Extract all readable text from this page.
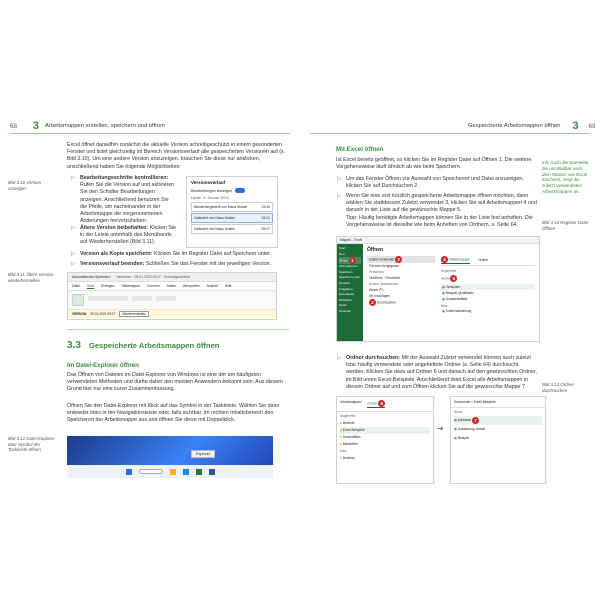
68 3 Arbeitsmappen erstellen, speichern und öffnen
Excel öffnet daraufhin zunächst die aktuelle Version schreibgeschützt in einem gesonderten Fenster und listet gleichzeitig im Bereich Versionsverlauf alle gespeicherten Versionen auf (s. Bild 3.10). Um eine andere Version anzuzeigen, brauchen Sie diese nur anklicken, anschließend haben Sie folgende Möglichkeiten:
Bild 3.10 Version anzeigen
▷ Bearbeitungsschritte kontrollieren: Rufen Sie die Version auf und aktivieren Sie den Schalter Bearbeitungen anzeigen. Anschließend benutzen Sie die Pfeile, um nacheinander in der Arbeitsmappe die vorgenommenen Änderungen hervorzuheben.
Versionsverlauf
Bearbeitungen anzeigen
Heute, 9. Januar 2023
Wiederhergestellt von Klaus Muster	15:39
Geändert von Klaus Muster	15:21
Geändert von Klaus Muster	09:57
▷ Ältere Version beibehalten: Klicken Sie in der Leiste unterhalb des Menübands auf Wiederherstellen (Bild 3.11).
▷ Version als Kopie speichern: Klicken Sie im Register Datei auf Speichern unter.
▷ Versionsverlauf beenden: Schließen Sie das Fenster mit der jeweiligen Version.
Bild 3.11 Ältere Version wiederherstellen
Automatisches Speichern Versionen - 09.01.2023 09:27 · Schreibgeschützt
Datei Start Einfügen Seitenlayout Formeln Daten Überprüfen Ansicht Hilfe
VERSION 09.01.2023 09:27	Wiederherstellen
3.3 Gespeicherte Arbeitsmappen öffnen
Im Datei-Explorer öffnen
Das Öffnen von Dateien im Datei-Explorer von Windows ist eine der am häufigsten verwendeten Methoden und dürfte daher den meisten Anwendern bekannt sein. Aus diesem Grund hier nur eine kurze Zusammenfassung.
Öffnen Sie den Datei-Explorer mit Klick auf das Symbol in der Taskleiste. Wählen Sie dann entweder links in der Navigationsleiste oder, falls sichtbar, im rechten Inhaltsbereich den Speicherort der Arbeitsmappe aus und öffnen Sie diese mit Doppelklick.
Bild 3.12 Datei-Explorer über Symbol der Taskleiste öffnen
Explorer
Gespeicherte Arbeitsmappen öffnen 3 69
Mit Excel öffnen
Ist Excel bereits geöffnet, so klicken Sie im Register Datei auf Öffnen 1. Die weitere Vorgehensweise läuft ähnlich ab wie beim Speichern.
Info Auch die Startseite, die unmittelbar nach dem Starten von Excel erscheint, zeigt die zuletzt verwendeten Arbeitsmappen an.
▷ Um das Fenster Öffnen zur Auswahl von Speicherort und Datei anzuzeigen, klicken Sie auf Durchsuchen 2.
▷ Wenn Sie eine erst kürzlich gespeicherte Arbeitsmappe öffnen möchten, dann wählen Sie stattdessen Zuletzt verwendet 3, klicken Sie auf Arbeitsmappen 4 und danach in der Liste auf die gewünschte Mappe 5.
Tipp: Häufig benötigte Arbeitsmappen können Sie in der Liste fest anheften. Die Vorgehensweise ist dieselbe wie beim Anheften von Ordnern, s. Seite 64.	Bild 3.13 Register Datei - Öffnen
Mappe1 - Excel
Start
Neu
Öffnen 1
Informationen
Speichern
Speichern unter
Drucken
Freigeben
Exportieren
Schließen
Konto
Optionen
Öffnen
Zuletzt verwendet 3
Für mich freigegeben
Persönlich
OneDrive - Persönlich
Andere Speicherorte
Dieser PC
Ort hinzufügen
2 Durchsuchen
4 Arbeitsmappen	Ordner
Angeheftet
Heute 5
▦ Versionen
▦ Beispiel Qualifikatio
▦ Umsatzstatistik
Älter
▦ Kostenaufstellung
▷ Ordner durchsuchen: Mit der Auswahl Zuletzt verwendet können auch zuletzt bzw. häufig verwendete oder angeheftete Ordner (s. Seite 64) durchsucht werden. Klicken Sie dazu auf Ordner 6 und danach auf den gewünschten Ordner, im Bild unten Excel-Beispiele. Anschließend listet Excel alle Arbeitsmappen in diesem Ordner auf und zum Öffnen klicken Sie auf die gewünschte Mappe 7.	Bild 3.14 Ordner durchsuchen
Arbeitsmappen Ordner 6
Angeheftet
■ Berichte
■ Excel-Beispiele
■ Geschäftlich
■ Mitarbeiter
Älter
■ Desktop
➜
Dokumente » Excel-Beispiele
Name
▦ Adressen 7
▦ Auswertung Januar
▦ Beispiel
